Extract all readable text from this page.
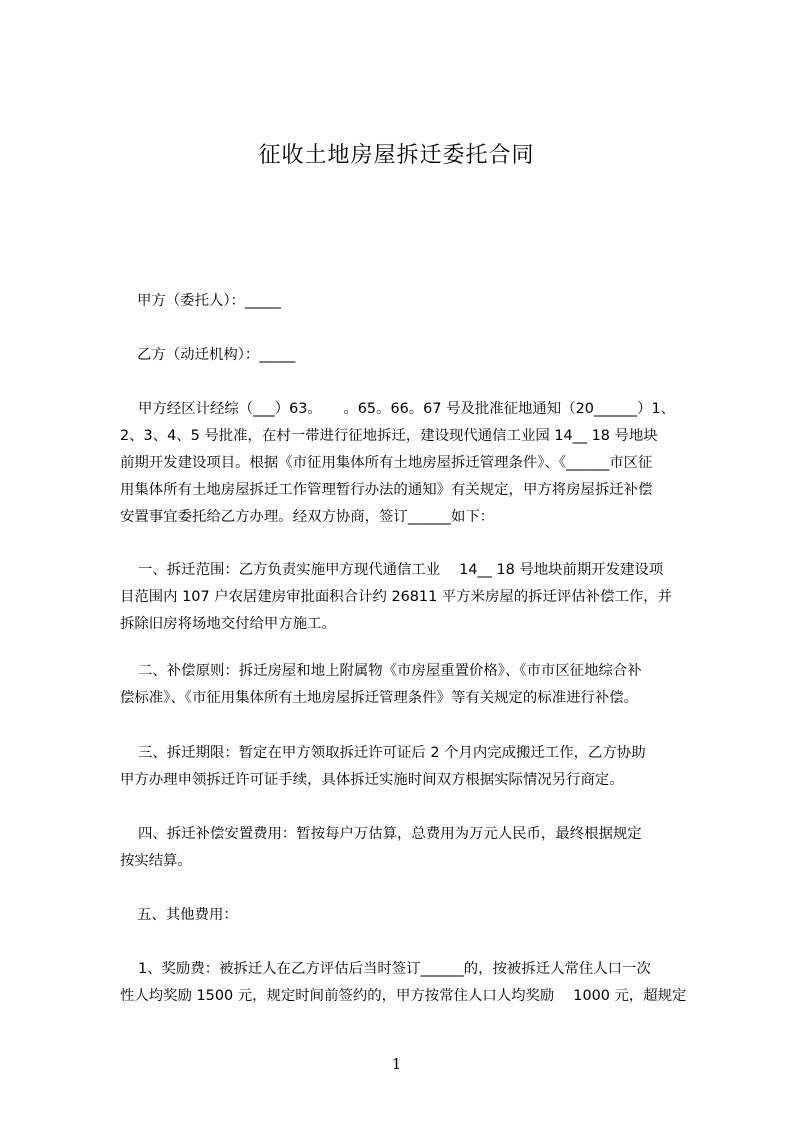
征收土地房屋拆迁委托合同
甲方（委托人）：_____
乙方（动迁机构）：_____
甲方经区计经综（___）63。　　。65。66。67 号及批准征地通知（20______）1、
2、3、4、5 号批准，在村一带进行征地拆迁，建设现代通信工业园 14__ 18 号地块
前期开发建设项目。根据《市征用集体所有土地房屋拆迁管理条件》、《______市区征
用集体所有土地房屋拆迁工作管理暂行办法的通知》有关规定，甲方将房屋拆迁补偿
安置事宜委托给乙方办理。经双方协商，签订______如下：
一、拆迁范围：乙方负责实施甲方现代通信工业　 14__ 18 号地块前期开发建设项
目范围内 107 户农居建房审批面积合计约 26811 平方米房屋的拆迁评估补偿工作，并
拆除旧房将场地交付给甲方施工。
二、补偿原则：拆迁房屋和地上附属物《市房屋重置价格》、《市市区征地综合补
偿标准》、《市征用集体所有土地房屋拆迁管理条件》等有关规定的标准进行补偿。
三、拆迁期限：暂定在甲方领取拆迁许可证后 2 个月内完成搬迁工作，乙方协助
甲方办理申领拆迁许可证手续，具体拆迁实施时间双方根据实际情况另行商定。
四、拆迁补偿安置费用：暂按每户万估算，总费用为万元人民币，最终根据规定
按实结算。
五、其他费用：
1、奖励费：被拆迁人在乙方评估后当时签订______的，按被拆迁人常住人口一次
性人均奖励 1500 元，规定时间前签约的，甲方按常住人口人均奖励　 1000 元，超规定
1
